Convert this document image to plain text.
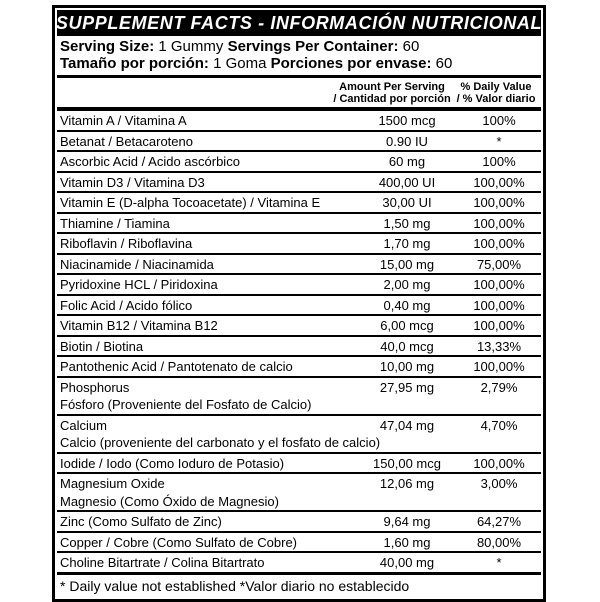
SUPPLEMENT FACTS - INFORMACIÓN NUTRICIONAL
Serving Size: 1 Gummy Servings Per Container: 60
Tamaño por porción: 1 Goma Porciones por envase: 60
Amount Per Serving
/ Cantidad por porción
% Daily Value
/ % Valor diario
Vitamin A / Vitamina A	1500 mcg	100%
Betanat / Betacaroteno	0.90 IU	*
Ascorbic Acid / Acido ascórbico	60 mg	100%
Vitamin D3 / Vitamina D3	400,00 UI	100,00%
Vitamin E (D-alpha Tocoacetate) / Vitamina E	30,00 UI	100,00%
Thiamine / Tiamina	1,50 mg	100,00%
Riboflavin / Riboflavina	1,70 mg	100,00%
Niacinamide / Niacinamida	15,00 mg	75,00%
Pyridoxine HCL / Piridoxina	2,00 mg	100,00%
Folic Acid / Acido fólico	0,40 mg	100,00%
Vitamin B12 / Vitamina B12	6,00 mcg	100,00%
Biotin / Biotina	40,0 mcg	13,33%
Pantothenic Acid / Pantotenato de calcio	10,00 mg	100,00%
Phosphorus
Fósforo (Proveniente del Fosfato de Calcio)
27,95 mg	2,79%
Calcium
Calcio (proveniente del carbonato y el fosfato de calcio)
47,04 mg	4,70%
Iodide / Iodo (Como Ioduro de Potasio)	150,00 mcg	100,00%
Magnesium Oxide
Magnesio (Como Óxido de Magnesio)
12,06 mg	3,00%
Zinc (Como Sulfato de Zinc)	9,64 mg	64,27%
Copper / Cobre (Como Sulfato de Cobre)	1,60 mg	80,00%
Choline Bitartrate / Colina Bitartrato	40,00 mg	*
* Daily value not established *Valor diario no establecido
